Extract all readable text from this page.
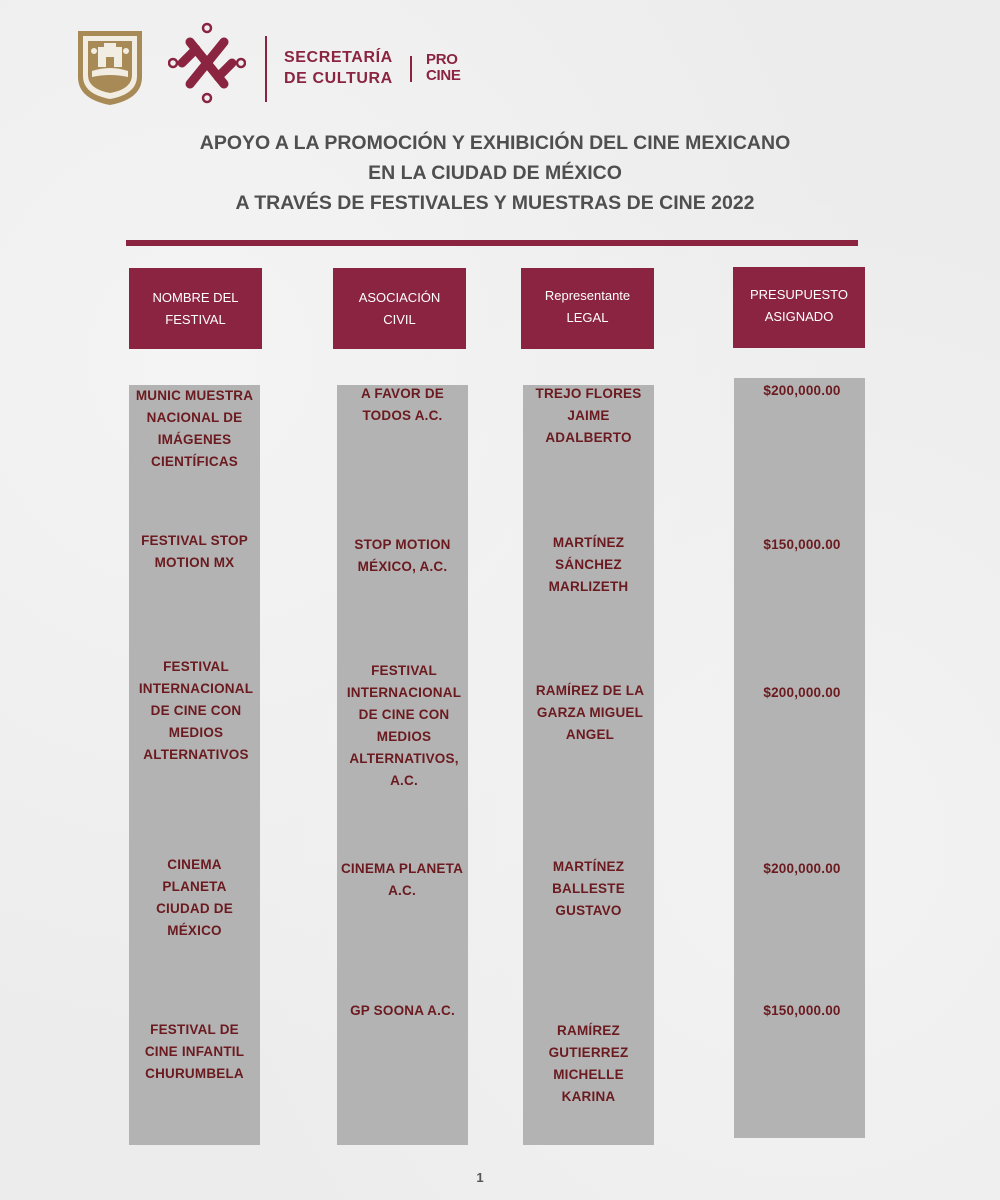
SECRETARÍA
DE CULTURA
PRO
CINE
APOYO A LA PROMOCIÓN Y EXHIBICIÓN DEL CINE MEXICANO
EN LA CIUDAD DE MÉXICO
A TRAVÉS DE FESTIVALES Y MUESTRAS DE CINE 2022
NOMBRE DEL FESTIVAL
ASOCIACIÓN CIVIL
Representante LEGAL
PRESUPUESTO ASIGNADO
MUNIC MUESTRA NACIONAL DE IMÁGENES CIENTÍFICAS
A FAVOR DE TODOS A.C.
TREJO FLORES JAIME ADALBERTO
$200,000.00
FESTIVAL STOP MOTION MX
STOP MOTION MÉXICO, A.C.
MARTÍNEZ SÁNCHEZ MARLIZETH
$150,000.00
FESTIVAL INTERNACIONAL DE CINE CON MEDIOS ALTERNATIVOS
FESTIVAL INTERNACIONAL DE CINE CON MEDIOS ALTERNATIVOS, A.C.
RAMÍREZ DE LA GARZA MIGUEL ANGEL
$200,000.00
CINEMA PLANETA CIUDAD DE MÉXICO
CINEMA PLANETA A.C.
MARTÍNEZ BALLESTE GUSTAVO
$200,000.00
FESTIVAL DE CINE INFANTIL CHURUMBELA
GP SOONA A.C.
RAMÍREZ GUTIERREZ MICHELLE KARINA
$150,000.00
1
